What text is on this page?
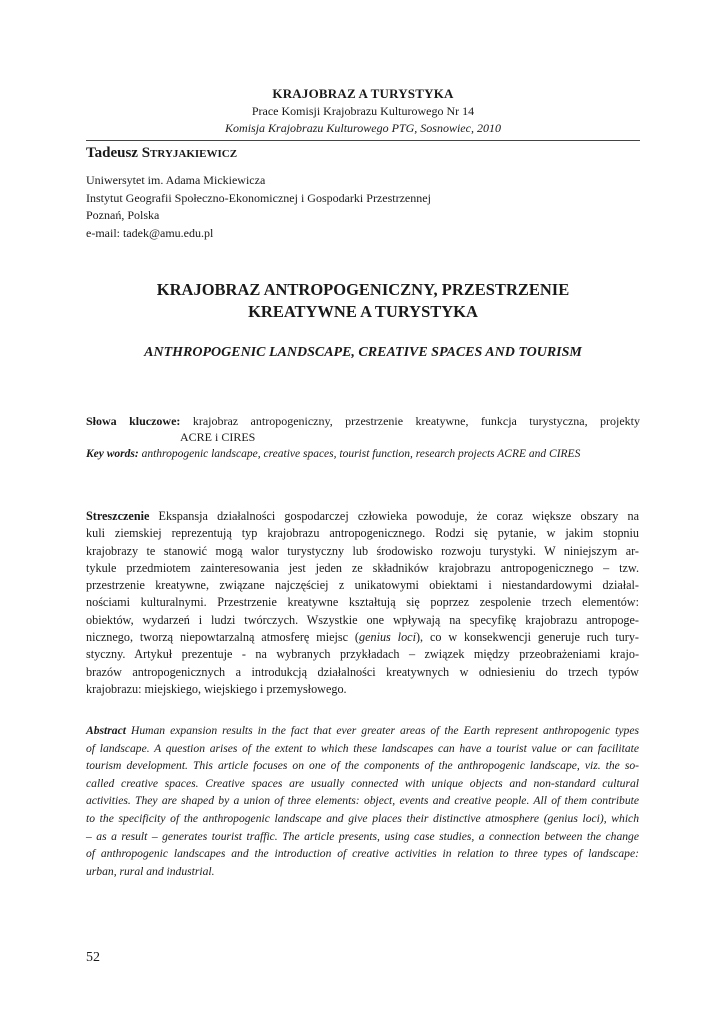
KRAJOBRAZ A TURYSTYKA
Prace Komisji Krajobrazu Kulturowego Nr 14
Komisja Krajobrazu Kulturowego PTG, Sosnowiec, 2010
Tadeusz Stryjakiewicz
Uniwersytet im. Adama Mickiewicza
Instytut Geografii Społeczno-Ekonomicznej i Gospodarki Przestrzennej
Poznań, Polska
e-mail: tadek@amu.edu.pl
KRAJOBRAZ ANTROPOGENICZNY, PRZESTRZENIE
KREATYWNE A TURYSTYKA
ANTHROPOGENIC LANDSCAPE, CREATIVE SPACES AND TOURISM
Słowa kluczowe: krajobraz antropogeniczny, przestrzenie kreatywne, funkcja turystyczna, projekty
ACRE i CIRES
Key words: anthropogenic landscape, creative spaces, tourist function, research projects ACRE and CIRES
Streszczenie Ekspansja działalności gospodarczej człowieka powoduje, że coraz większe obszary na
kuli ziemskiej reprezentują typ krajobrazu antropogenicznego. Rodzi się pytanie, w jakim stopniu
krajobrazy te stanowić mogą walor turystyczny lub środowisko rozwoju turystyki. W niniejszym ar-
tykule przedmiotem zainteresowania jest jeden ze składników krajobrazu antropogenicznego – tzw.
przestrzenie kreatywne, związane najczęściej z unikatowymi obiektami i niestandardowymi działal-
nościami kulturalnymi. Przestrzenie kreatywne kształtują się poprzez zespolenie trzech elementów:
obiektów, wydarzeń i ludzi twórczych. Wszystkie one wpływają na specyfikę krajobrazu antropoge-
nicznego, tworzą niepowtarzalną atmosferę miejsc (genius loci), co w konsekwencji generuje ruch tury-
styczny. Artykuł prezentuje - na wybranych przykładach – związek między przeobrażeniami krajo-
brazów antropogenicznych a introdukcją działalności kreatywnych w odniesieniu do trzech typów
krajobrazu: miejskiego, wiejskiego i przemysłowego.
Abstract Human expansion results in the fact that ever greater areas of the Earth represent anthropogenic types
of landscape. A question arises of the extent to which these landscapes can have a tourist value or can facilitate
tourism development. This article focuses on one of the components of the anthropogenic landscape, viz. the so-
called creative spaces. Creative spaces are usually connected with unique objects and non-standard cultural
activities. They are shaped by a union of three elements: object, events and creative people. All of them contribute
to the specificity of the anthropogenic landscape and give places their distinctive atmosphere (genius loci), which
– as a result – generates tourist traffic. The article presents, using case studies, a connection between the change
of anthropogenic landscapes and the introduction of creative activities in relation to three types of landscape:
urban, rural and industrial.
52
